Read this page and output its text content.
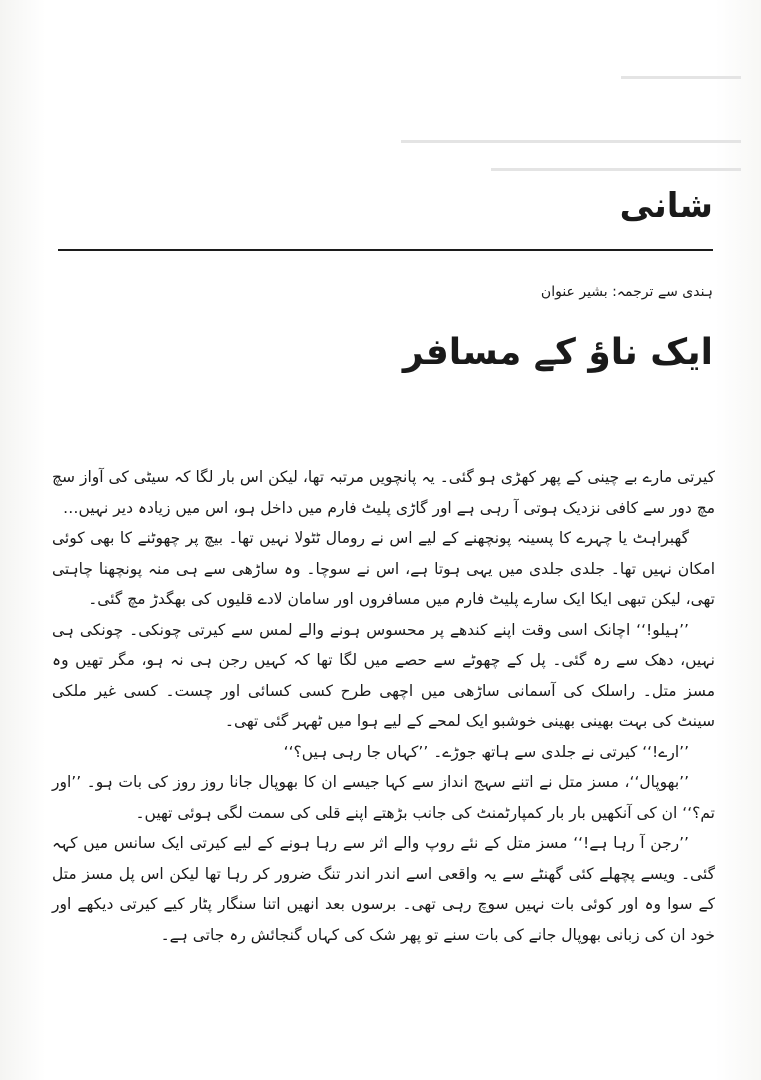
شانی
ہندی سے ترجمہ: بشیر عنوان
ایک ناؤ کے مسافر

کیرتی مارے بے چینی کے پھر کھڑی ہو گئی۔ یہ پانچویں مرتبہ تھا، لیکن اس بار لگا کہ سیٹی کی آواز سچ مچ دور سے کافی نزدیک ہوتی آ رہی ہے اور گاڑی پلیٹ فارم میں داخل ہو، اس میں زیادہ دیر نہیں…

گھبراہٹ یا چہرے کا پسینہ پونچھنے کے لیے اس نے رومال ٹٹولا نہیں تھا۔ بیچ پر چھوٹنے کا بھی کوئی امکان نہیں تھا۔ جلدی جلدی میں یہی ہوتا ہے، اس نے سوچا۔ وہ ساڑھی سے ہی منہ پونچھنا چاہتی تھی، لیکن تبھی ایکا ایک سارے پلیٹ فارم میں مسافروں اور سامان لادے قلیوں کی بھگدڑ مچ گئی۔

’’ہیلو!‘‘ اچانک اسی وقت اپنے کندھے پر محسوس ہونے والے لمس سے کیرتی چونکی۔ چونکی ہی نہیں، دھک سے رہ گئی۔ پل کے چھوٹے سے حصے میں لگا تھا کہ کہیں رجن ہی نہ ہو، مگر تھیں وہ مسز متل۔ راسلک کی آسمانی ساڑھی میں اچھی طرح کسی کسائی اور چست۔ کسی غیر ملکی سینٹ کی بہت بھینی بھینی خوشبو ایک لمحے کے لیے ہوا میں ٹھہر گئی تھی۔

’’ارے!‘‘ کیرتی نے جلدی سے ہاتھ جوڑے۔ ’’کہاں جا رہی ہیں؟‘‘

’’بھوپال‘‘، مسز متل نے اتنے سہج انداز سے کہا جیسے ان کا بھوپال جانا روز روز کی بات ہو۔ ’’اور تم؟‘‘ ان کی آنکھیں بار بار کمپارٹمنٹ کی جانب بڑھتے اپنے قلی کی سمت لگی ہوئی تھیں۔

’’رجن آ رہا ہے!‘‘ مسز متل کے نئے روپ والے اثر سے رہا ہونے کے لیے کیرتی ایک سانس میں کہہ گئی۔ ویسے پچھلے کئی گھنٹے سے یہ واقعی اسے اندر اندر تنگ ضرور کر رہا تھا لیکن اس پل مسز متل کے سوا وہ اور کوئی بات نہیں سوچ رہی تھی۔ برسوں بعد انھیں اتنا سنگار پٹار کیے کیرتی دیکھے اور خود ان کی زبانی بھوپال جانے کی بات سنے تو پھر شک کی کہاں گنجائش رہ جاتی ہے۔
